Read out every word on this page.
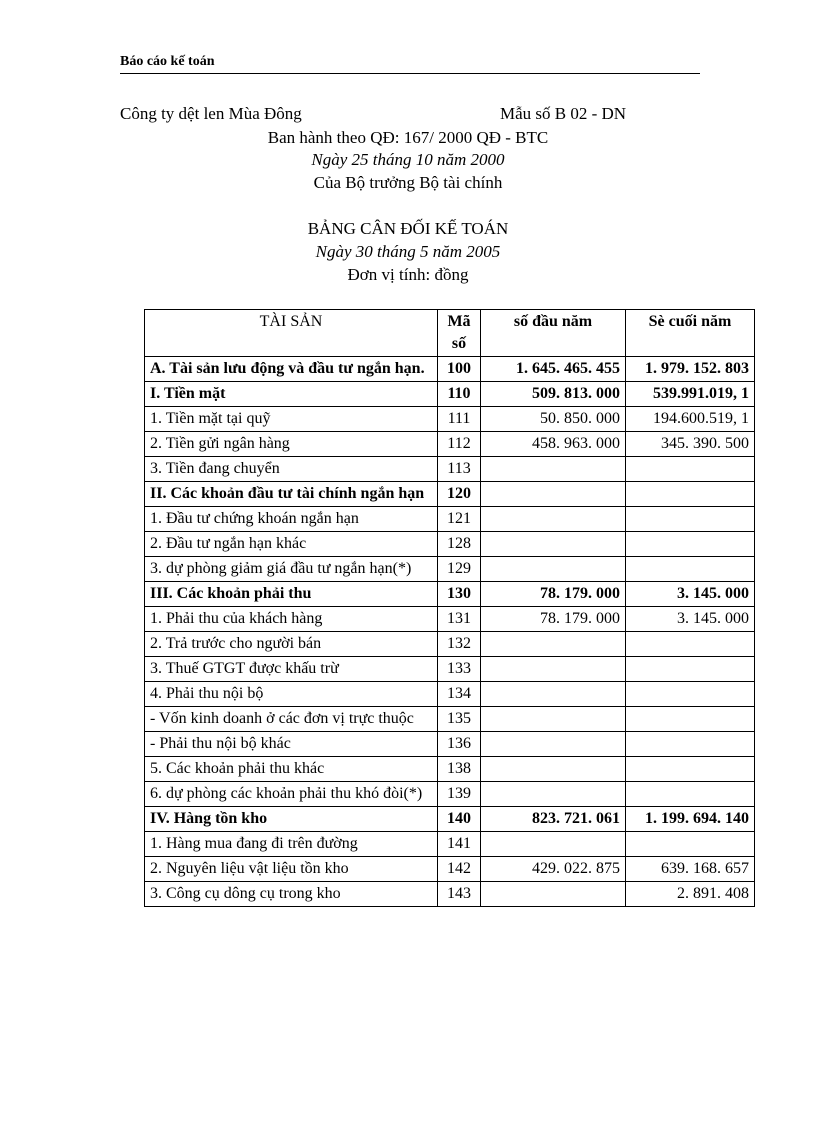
Báo cáo kế toán
Công ty dệt len Mùa Đông	Mẫu số B 02 - DN
Ban hành theo QĐ: 167/ 2000 QĐ - BTC
Ngày 25 tháng 10 năm 2000
Của Bộ trưởng Bộ tài chính
BẢNG CÂN ĐỐI KẾ TOÁN
Ngày 30 tháng 5 năm 2005
Đơn vị tính: đồng
TÀI SẢN	Mã số	số đầu năm	Sè cuối năm
A. Tài sản lưu động và đầu tư ngắn hạn.	100	1. 645. 465. 455	1. 979. 152. 803
I. Tiền mặt	110	509. 813. 000	539.991.019, 1
1. Tiền mặt tại quỹ	111	50. 850. 000	194.600.519, 1
2. Tiền gửi ngân hàng	112	458. 963. 000	345. 390. 500
3. Tiền đang chuyển	113		
II. Các khoản đầu tư tài chính ngắn hạn	120		
1. Đầu tư chứng khoán ngắn hạn	121		
2. Đầu tư ngắn hạn khác	128		
3. dự phòng giảm giá đầu tư ngắn hạn(*)	129		
III. Các khoản phải thu	130	78. 179. 000	3. 145. 000
1. Phải thu của khách hàng	131	78. 179. 000	3. 145. 000
2. Trả trước cho người bán	132		
3. Thuế GTGT được khấu trừ	133		
4. Phải thu nội bộ	134		
- Vốn kinh doanh ở các đơn vị trực thuộc	135		
- Phải thu nội bộ khác	136		
5. Các khoản phải thu khác	138		
6. dự phòng các khoản phải thu khó đòi(*)	139		
IV. Hàng tồn kho	140	823. 721. 061	1. 199. 694. 140
1. Hàng mua đang đi trên đường	141		
2. Nguyên liệu vật liệu tồn kho	142	429. 022. 875	639. 168. 657
3. Công cụ dông cụ trong kho	143		2. 891. 408
